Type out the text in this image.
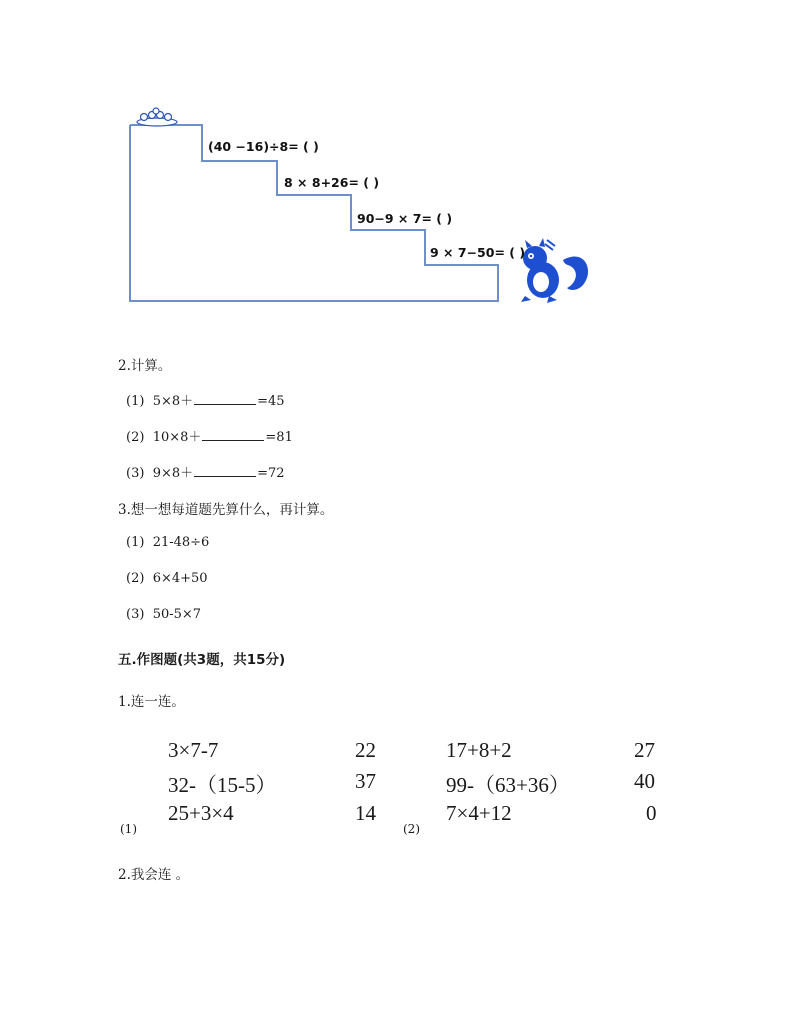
(40 −16)÷8= ( )
8 × 8+26= ( )
90−9 × 7= ( )
9 × 7−50= ( )
2.计算。
(1) 5×8＋	=45
(2) 10×8＋	=81
(3) 9×8＋	=72
3.想一想每道题先算什么，再计算。
(1) 21-48÷6
(2) 6×4+50
(3) 50-5×7
五.作图题(共3题，共15分)
1.连一连。
3×7-7
32-（15-5）
25+3×4
22
37
14
(1)
17+8+2
99-（63+36）
7×4+12
27
40
0
(2)
2.我会连 。
